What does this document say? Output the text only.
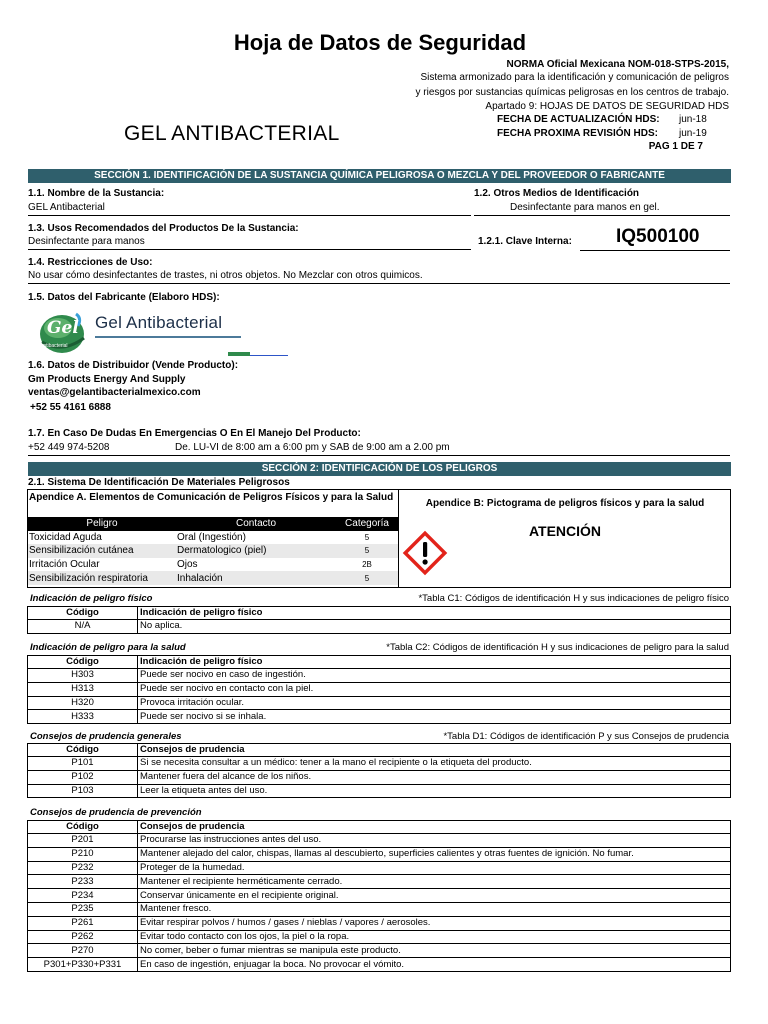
Hoja de Datos de Seguridad
NORMA Oficial Mexicana NOM-018-STPS-2015,
Sistema armonizado para la identificación y comunicación de peligros
y riesgos por sustancias químicas peligrosas en los centros de trabajo.
Apartado 9: HOJAS DE DATOS DE SEGURIDAD HDS
GEL ANTIBACTERIAL
FECHA DE ACTUALIZACIÓN HDS: jun-18
FECHA PROXIMA REVISIÓN HDS: jun-19
PAG 1 DE 7
SECCIÓN 1. IDENTIFICACIÓN DE LA SUSTANCIA QUÍMICA PELIGROSA O MEZCLA Y DEL PROVEEDOR O FABRICANTE
1.1. Nombre de la Sustancia:
GEL Antibacterial
1.2. Otros Medios de Identificación
Desinfectante para manos en gel.
1.3. Usos Recomendados del Productos De la Sustancia:
Desinfectante para manos	1.2.1. Clave Interna:	IQ500100
1.4. Restricciones de Uso:
No usar cómo desinfectantes de trastes, ni otros objetos. No Mezclar con otros quimicos.
1.5. Datos del Fabricante (Elaboro HDS):
Gel
Antibacterial
Gel Antibacterial
1.6. Datos de Distribuidor (Vende Producto):
Gm Products Energy And Supply
ventas@gelantibacterialmexico.com
+52 55 4161 6888
1.7. En Caso De Dudas En Emergencias O En El Manejo Del Producto:
+52 449 974-5208	De. LU-VI de 8:00 am a 6:00 pm y SAB de 9:00 am a 2.00 pm
SECCIÓN 2: IDENTIFICACIÓN DE LOS PELIGROS
2.1. Sistema De Identificación De Materiales Peligrosos
Apendice A. Elementos de Comunicación de Peligros Físicos y para la Salud
Apendice B: Pictograma de peligros físicos y para la salud
ATENCIÓN
Peligro	Contacto	Categoría
Toxicidad Aguda	Oral (Ingestión)	5
Sensibilización cutánea	Dermatologico (piel)	5
Irritación Ocular	Ojos	2B
Sensibilización respiratoria	Inhalación	5
Indicación de peligro físico	*Tabla C1: Códigos de identificación H y sus indicaciones de peligro físico
Código	Indicación de peligro físico
N/A	No aplica.
Indicación de peligro para la salud	*Tabla C2: Códigos de identificación H y sus indicaciones de peligro para la salud
Código	Indicación de peligro físico
H303	Puede ser nocivo en caso de ingestión.
H313	Puede ser nocivo en contacto con la piel.
H320	Provoca irritación ocular.
H333	Puede ser nocivo si se inhala.
Consejos de prudencia generales	*Tabla D1: Códigos de identificación P y sus Consejos de prudencia
Código	Consejos de prudencia
P101	Si se necesita consultar a un médico: tener a la mano el recipiente o la etiqueta del producto.
P102	Mantener fuera del alcance de los niños.
P103	Leer la etiqueta antes del uso.
Consejos de prudencia de prevención
Código	Consejos de prudencia
P201	Procurarse las instrucciones antes del uso.
P210	Mantener alejado del calor, chispas, llamas al descubierto, superficies calientes y otras fuentes de ignición. No fumar.
P232	Proteger de la humedad.
P233	Mantener el recipiente herméticamente cerrado.
P234	Conservar únicamente en el recipiente original.
P235	Mantener fresco.
P261	Evitar respirar polvos / humos / gases / nieblas / vapores / aerosoles.
P262	Evitar todo contacto con los ojos, la piel o la ropa.
P270	No comer, beber o fumar mientras se manipula este producto.
P301+P330+P331	En caso de ingestión, enjuagar la boca. No provocar el vómito.
